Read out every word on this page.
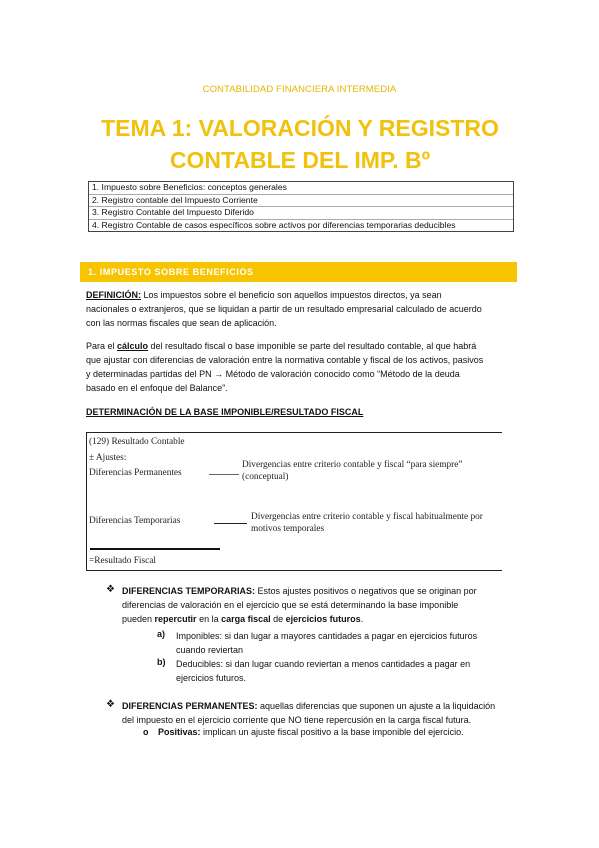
CONTABILIDAD FINANCIERA INTERMEDIA
TEMA 1: VALORACIÓN Y REGISTRO
CONTABLE DEL IMP. Bº
1. Impuesto sobre Beneficios: conceptos generales
2. Registro contable del Impuesto Corriente
3. Registro Contable del Impuesto Diferido
4. Registro Contable de casos específicos sobre activos por diferencias temporarias deducibles
1. IMPUESTO SOBRE BENEFICIOS
DEFINICIÓN: Los impuestos sobre el beneficio son aquellos impuestos directos, ya sean
nacionales o extranjeros, que se liquidan a partir de un resultado empresarial calculado de acuerdo
con las normas fiscales que sean de aplicación.
Para el cálculo del resultado fiscal o base imponible se parte del resultado contable, al que habrá
que ajustar con diferencias de valoración entre la normativa contable y fiscal de los activos, pasivos
y determinadas partidas del PN → Método de valoración conocido como “Método de la deuda
basado en el enfoque del Balance”.
DETERMINACIÓN DE LA BASE IMPONIBLE/RESULTADO FISCAL
(129) Resultado Contable
± Ajustes:
Diferencias Permanentes
Divergencias entre criterio contable y fiscal “para siempre”
(conceptual)
Diferencias Temporarias	Divergencias entre criterio contable y fiscal habitualmente por
motivos temporales
=Resultado Fiscal
❖ DIFERENCIAS TEMPORARIAS: Estos ajustes positivos o negativos que se originan por
diferencias de valoración en el ejercicio que se está determinando la base imponible
pueden repercutir en la carga fiscal de ejercicios futuros.
a) Imponibles: si dan lugar a mayores cantidades a pagar en ejercicios futuros
cuando reviertan
b) Deducibles: si dan lugar cuando reviertan a menos cantidades a pagar en
ejercicios futuros.
❖ DIFERENCIAS PERMANENTES: aquellas diferencias que suponen un ajuste a la liquidación
del impuesto en el ejercicio corriente que NO tiene repercusión en la carga fiscal futura.
o Positivas: implican un ajuste fiscal positivo a la base imponible del ejercicio.
